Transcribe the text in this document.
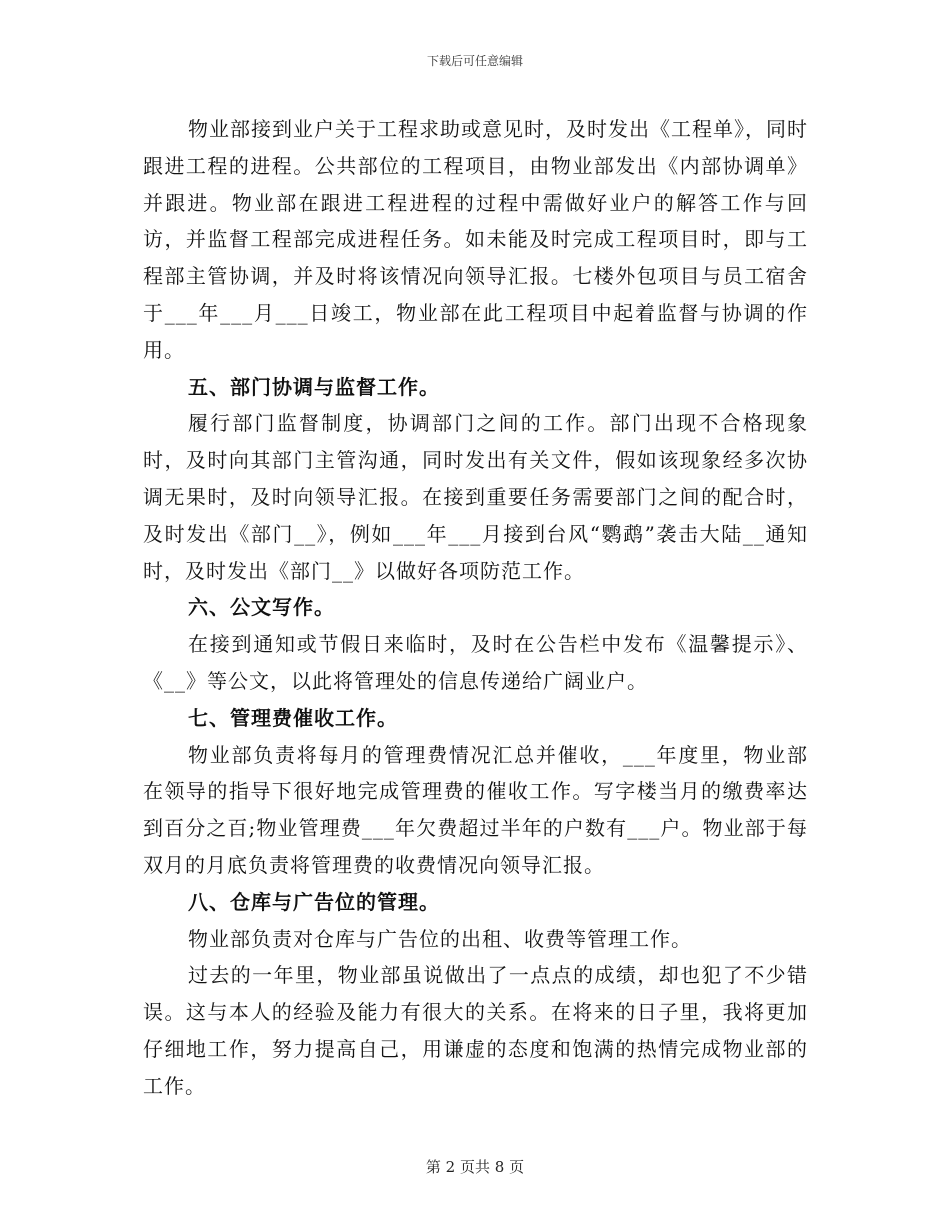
下载后可任意编辑

物业部接到业户关于工程求助或意见时，及时发出《工程单》，同时跟进工程的进程。公共部位的工程项目，由物业部发出《内部协调单》并跟进。物业部在跟进工程进程的过程中需做好业户的解答工作与回访，并监督工程部完成进程任务。如未能及时完成工程项目时，即与工程部主管协调，并及时将该情况向领导汇报。七楼外包项目与员工宿舍于___年___月___日竣工，物业部在此工程项目中起着监督与协调的作用。

五、部门协调与监督工作。

履行部门监督制度，协调部门之间的工作。部门出现不合格现象时，及时向其部门主管沟通，同时发出有关文件，假如该现象经多次协调无果时，及时向领导汇报。在接到重要任务需要部门之间的配合时，及时发出《部门__》，例如___年___月接到台风“鹦鹉”袭击大陆__通知时，及时发出《部门__》以做好各项防范工作。

六、公文写作。

在接到通知或节假日来临时，及时在公告栏中发布《温馨提示》、《__》等公文，以此将管理处的信息传递给广阔业户。

七、管理费催收工作。

物业部负责将每月的管理费情况汇总并催收，___年度里，物业部在领导的指导下很好地完成管理费的催收工作。写字楼当月的缴费率达到百分之百;物业管理费___年欠费超过半年的户数有___户。物业部于每双月的月底负责将管理费的收费情况向领导汇报。

八、仓库与广告位的管理。

物业部负责对仓库与广告位的出租、收费等管理工作。

过去的一年里，物业部虽说做出了一点点的成绩，却也犯了不少错误。这与本人的经验及能力有很大的关系。在将来的日子里，我将更加仔细地工作，努力提高自己，用谦虚的态度和饱满的热情完成物业部的工作。

第 2 页共 8 页
